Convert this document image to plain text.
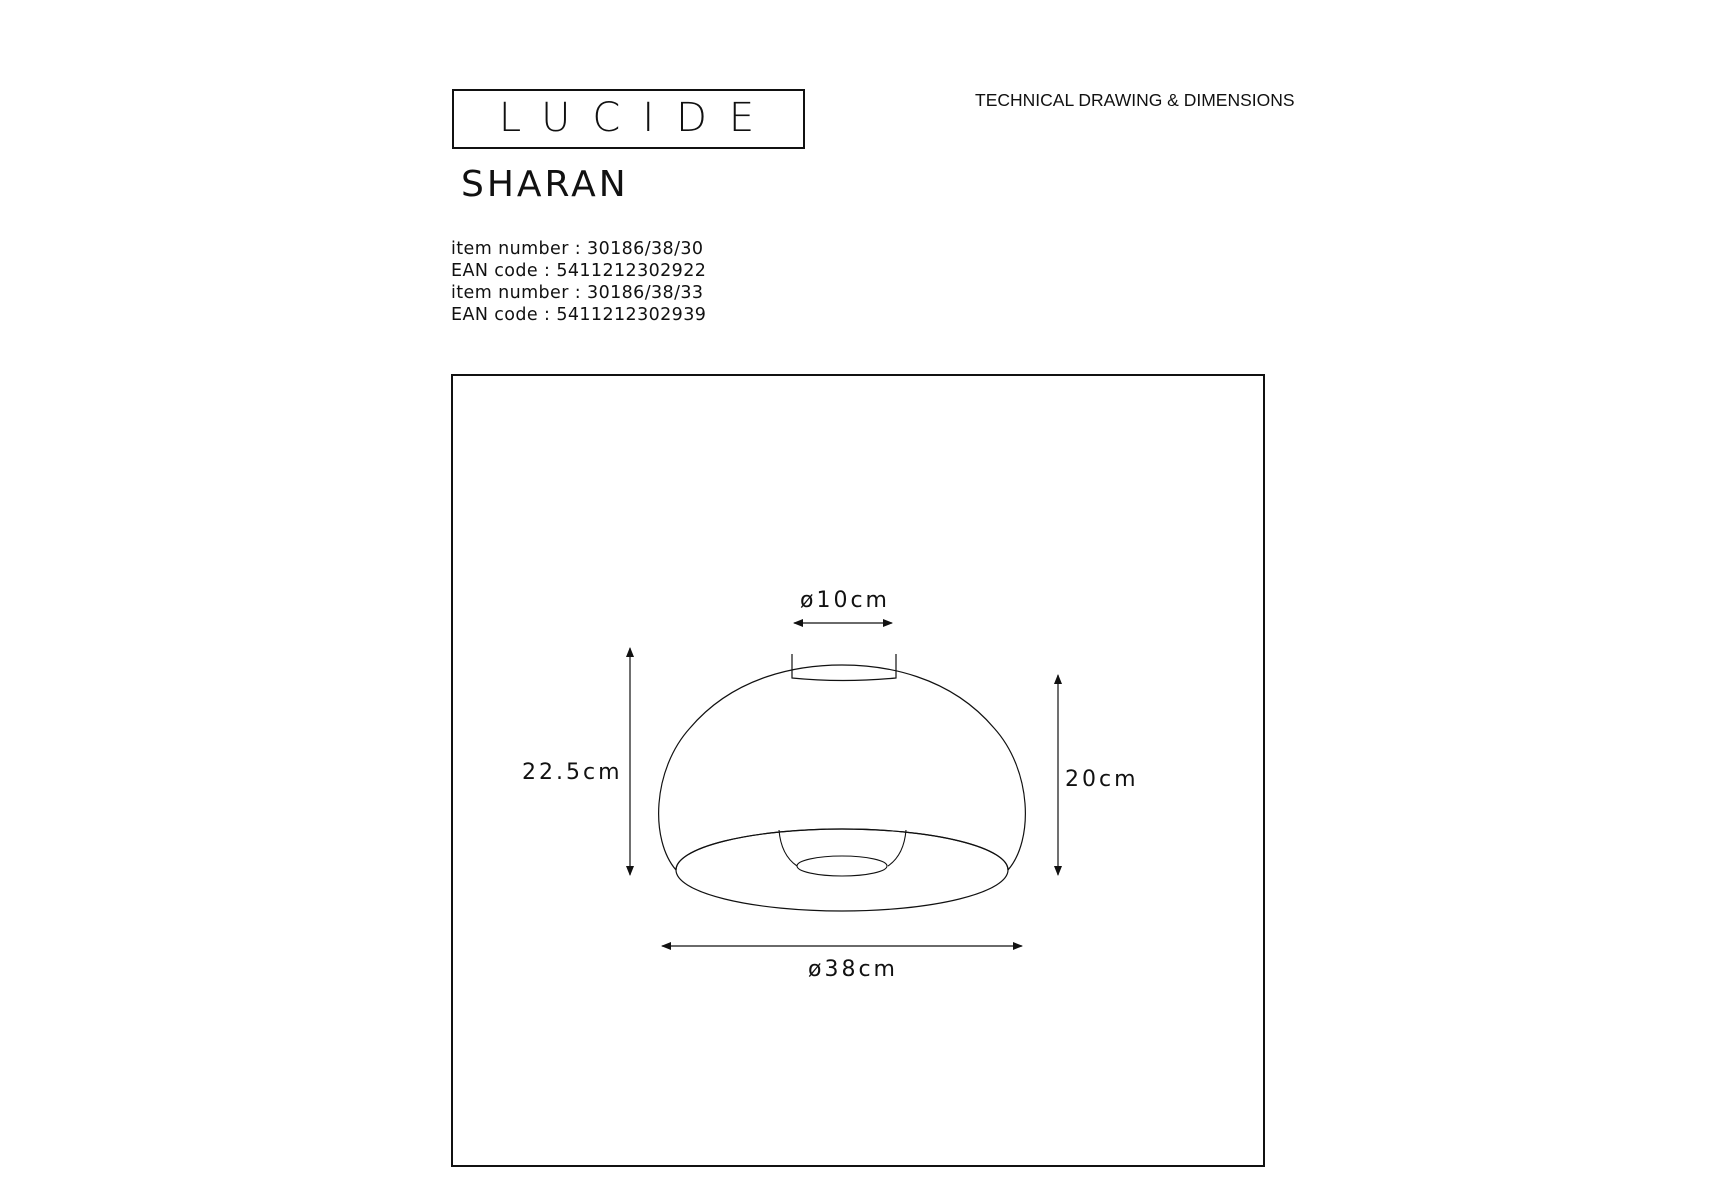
LUCIDE
SHARAN
TECHNICAL DRAWING & DIMENSIONS
item number : 30186/38/30
EAN code : 5411212302922
item number : 30186/38/33
EAN code : 5411212302939
ø10cm
22.5cm	20cm
ø38cm
